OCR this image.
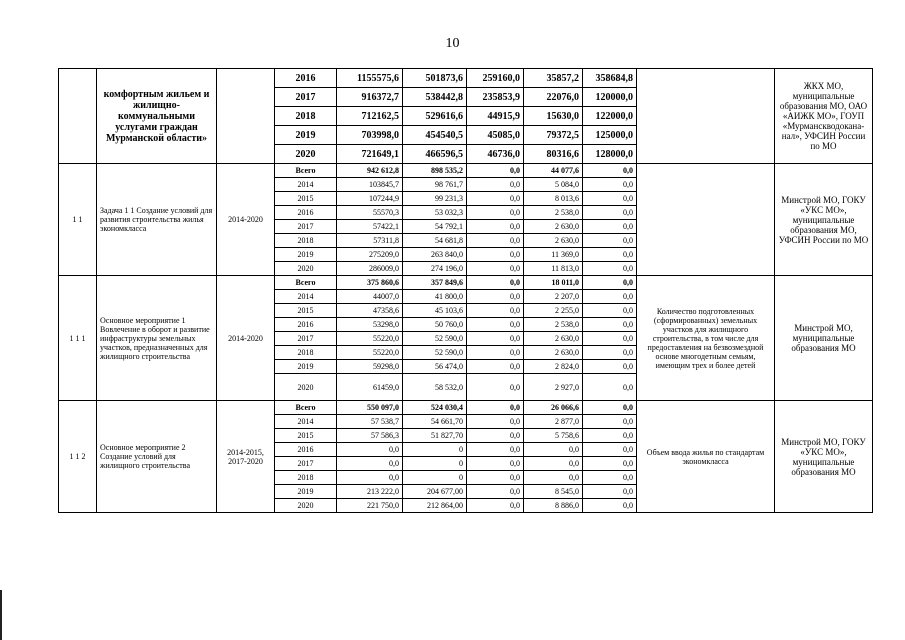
10
	комфортным жильем и жилищно-коммунальными услугами граждан Мурманской области»		2016	1155575,6	501873,6	259160,0	35857,2	358684,8		ЖКХ МО, муниципальные образования МО, ОАО «АИЖК МО», ГОУП «Мурманскводокана-нал», УФСИН России по МО
			2017	916372,7	538442,8	235853,9	22076,0	120000,0		
			2018	712162,5	529616,6	44915,9	15630,0	122000,0		
			2019	703998,0	454540,5	45085,0	79372,5	125000,0		
			2020	721649,1	466596,5	46736,0	80316,6	128000,0		
1 1	Задача 1 1 Создание условий для развития строительства жилья экономкласса	2014-2020	Всего	942 612,8	898 535,2	0,0	44 077,6	0,0		Минстрой МО, ГОКУ «УКС МО», муниципальные образования МО, УФСИН России по МО
			2014	103845,7	98 761,7	0,0	5 084,0	0,0		
			2015	107244,9	99 231,3	0,0	8 013,6	0,0		
			2016	55570,3	53 032,3	0,0	2 538,0	0,0		
			2017	57422,1	54 792,1	0,0	2 630,0	0,0		
			2018	57311,8	54 681,8	0,0	2 630,0	0,0		
			2019	275209,0	263 840,0	0,0	11 369,0	0,0		
			2020	286009,0	274 196,0	0,0	11 813,0	0,0		
1 1 1	Основное мероприятие 1 Вовлечение в оборот и развитие инфраструктуры земельных участков, предназначенных для жилищного строительства	2014-2020	Всего	375 860,6	357 849,6	0,0	18 011,0	0,0	Количество подготовленных (сформированных) земельных участков для жилищного строительства, в том числе для предоставления на безвозмездной основе многодетным семьям, имеющим трех и более детей	Минстрой МО, муниципальные образования МО
			2014	44007,0	41 800,0	0,0	2 207,0	0,0		
			2015	47358,6	45 103,6	0,0	2 255,0	0,0		
			2016	53298,0	50 760,0	0,0	2 538,0	0,0		
			2017	55220,0	52 590,0	0,0	2 630,0	0,0		
			2018	55220,0	52 590,0	0,0	2 630,0	0,0		
			2019	59298,0	56 474,0	0,0	2 824,0	0,0		
			2020	61459,0	58 532,0	0,0	2 927,0	0,0		
1 1 2	Основное мероприятие 2 Создание условий для жилищного строительства	2014-2015, 2017-2020	Всего	550 097,0	524 030,4	0,0	26 066,6	0,0	Объем ввода жилья по стандартам экономкласса	Минстрой МО, ГОКУ «УКС МО», муниципальные образования МО
			2014	57 538,7	54 661,70	0,0	2 877,0	0,0		
			2015	57 586,3	51 827,70	0,0	5 758,6	0,0		
			2016	0,0	0	0,0	0,0	0,0		
			2017	0,0	0	0,0	0,0	0,0		
			2018	0,0	0	0,0	0,0	0,0		
			2019	213 222,0	204 677,00	0,0	8 545,0	0,0		
			2020	221 750,0	212 864,00	0,0	8 886,0	0,0		
